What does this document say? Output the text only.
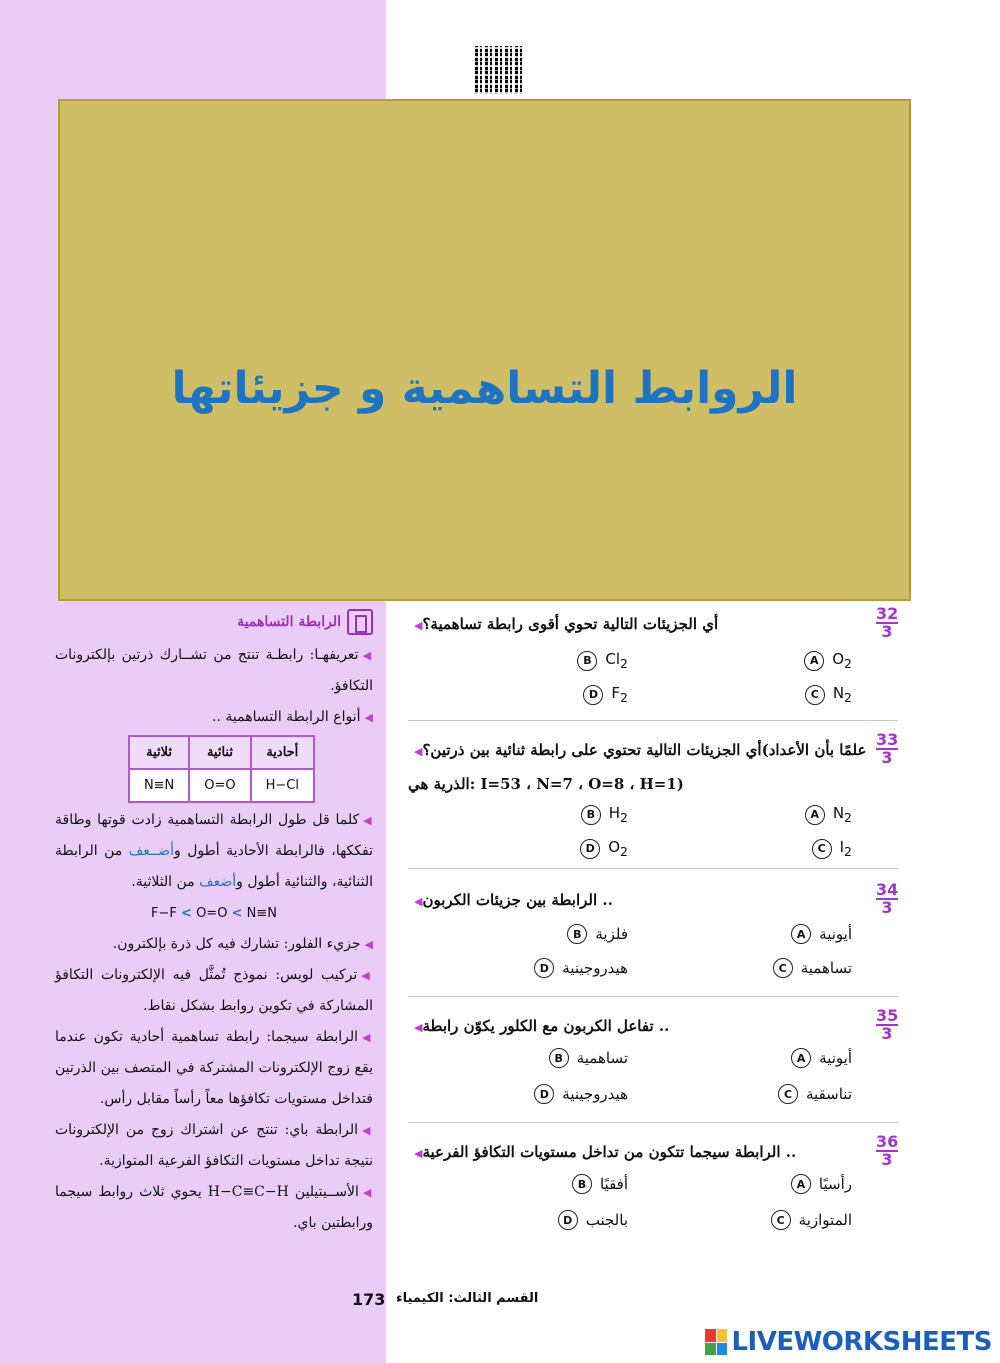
الروابط التساهمية و جزيئاتها
الرابطة التساهمية

◀تعريفهـا: رابطـة تنتج من تشــارك ذرتين بإلكترونات التكافؤ.

◀أنواع الرابطة التساهمية ..

أحادية	ثنائية	ثلاثية
H−Cl	O=O	N≡N

◀كلما قل طول الرابطة التساهمية زادت قوتها وطاقة تفككها، فالرابطة الأحادية أطول وأضــعف من الرابطة الثنائية، والثنائية أطول وأضعف من الثلاثية.

F−F < O=O < N≡N

◀جزيء الفلور: تشارك فيه كل ذرة بإلكترون.

◀تركيب لويس: نموذج تُمثَّل فيه الإلكترونات التكافؤ المشاركة في تكوين روابط بشكل نقاط.

◀الرابطة سيجما: رابطة تساهمية أحادية تكون عندما يقع زوج الإلكترونات المشتركة في المتصف بين الذرتين فتداخل مستويات تكافؤها معاً رأساً مقابل رأس.

◀الرابطة باي: تنتج عن اشتراك زوج من الإلكترونات نتيجة تداخل مستويات التكافؤ الفرعية المتوازية.

◀الأســيتيلين H−C≡C−H يحوي ثلاث روابط سيجما ورابطتين باي.

32
3
◀أي الجزيئات التالية تحوي أقوى رابطة تساهمية؟
A $O_2$
B $Cl_2$
C $N_2$
D $F_2$
33
3
◀أي الجزيئات التالية تحتوي على رابطة ثنائية بين ذرتين؟(علمًا بأن الأعداد الذرية هي: I=53 ، N=7 ، O=8 ، H=1)
A $N_2$
B $H_2$
C $I_2$
D $O_2$
34
3
◀الرابطة بين جزيئات الكربون ..
A أيونية
B فلزية
C تساهمية
D هيدروجينية
35
3
◀تفاعل الكربون مع الكلور يكوّن رابطة ..
A أيونية
B تساهمية
C تناسقية
D هيدروجينية
36
3
◀الرابطة سيجما تتكون من تداخل مستويات التكافؤ الفرعية ..
A رأسيًا
B أفقيًا
C المتوازية
D بالجنب
173 القسم الثالث: الكيمياء
LIVEWORKSHEETS
